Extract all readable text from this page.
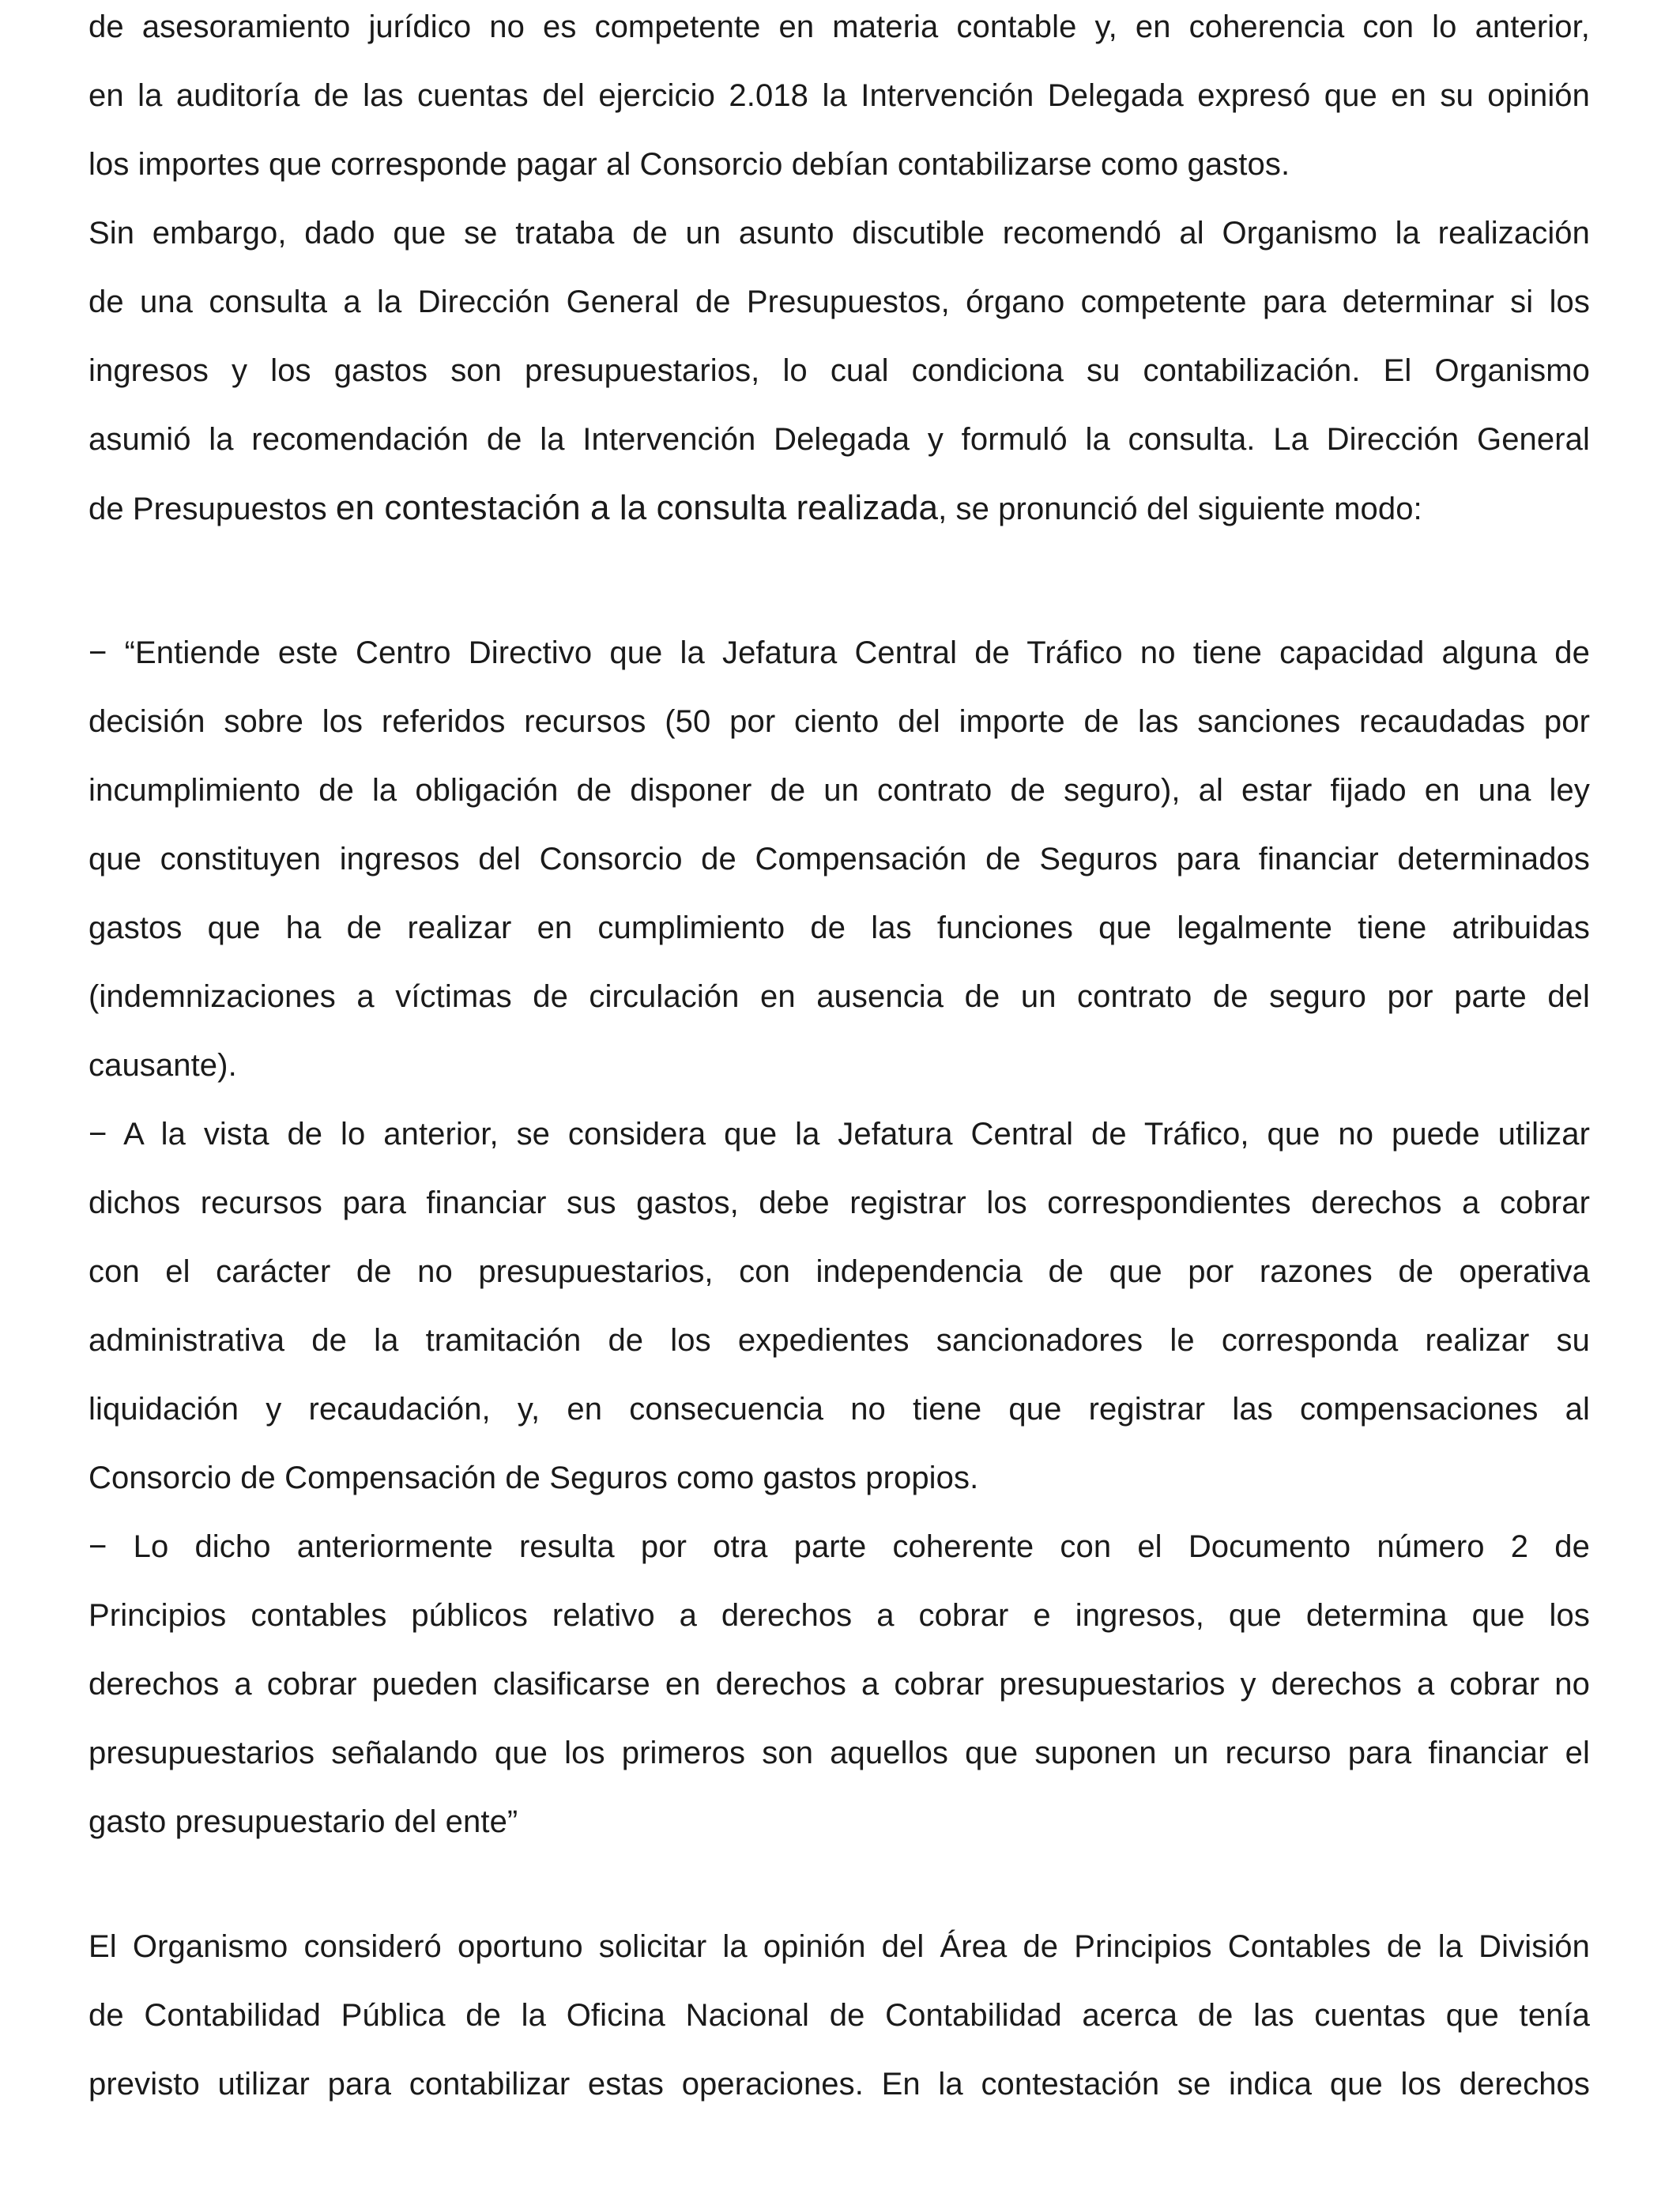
de asesoramiento jurídico no es competente en materia contable y, en coherencia con lo anterior,
en la auditoría de las cuentas del ejercicio 2.018 la Intervención Delegada expresó que en su opinión
los importes que corresponde pagar al Consorcio debían contabilizarse como gastos.
Sin embargo, dado que se trataba de un asunto discutible recomendó al Organismo la realización
de una consulta a la Dirección General de Presupuestos, órgano competente para determinar si los
ingresos y los gastos son presupuestarios, lo cual condiciona su contabilización. El Organismo
asumió la recomendación de la Intervención Delegada y formuló la consulta. La Dirección General
de Presupuestos en contestación a la consulta realizada, se pronunció del siguiente modo:
− “Entiende este Centro Directivo que la Jefatura Central de Tráfico no tiene capacidad alguna de
decisión sobre los referidos recursos (50 por ciento del importe de las sanciones recaudadas por
incumplimiento de la obligación de disponer de un contrato de seguro), al estar fijado en una ley
que constituyen ingresos del Consorcio de Compensación de Seguros para financiar determinados
gastos que ha de realizar en cumplimiento de las funciones que legalmente tiene atribuidas
(indemnizaciones a víctimas de circulación en ausencia de un contrato de seguro por parte del
causante).
− A la vista de lo anterior, se considera que la Jefatura Central de Tráfico, que no puede utilizar
dichos recursos para financiar sus gastos, debe registrar los correspondientes derechos a cobrar
con el carácter de no presupuestarios, con independencia de que por razones de operativa
administrativa de la tramitación de los expedientes sancionadores le corresponda realizar su
liquidación y recaudación, y, en consecuencia no tiene que registrar las compensaciones al
Consorcio de Compensación de Seguros como gastos propios.
− Lo dicho anteriormente resulta por otra parte coherente con el Documento número 2 de
Principios contables públicos relativo a derechos a cobrar e ingresos, que determina que los
derechos a cobrar pueden clasificarse en derechos a cobrar presupuestarios y derechos a cobrar no
presupuestarios señalando que los primeros son aquellos que suponen un recurso para financiar el
gasto presupuestario del ente”
El Organismo consideró oportuno solicitar la opinión del Área de Principios Contables de la División
de Contabilidad Pública de la Oficina Nacional de Contabilidad acerca de las cuentas que tenía
previsto utilizar para contabilizar estas operaciones. En la contestación se indica que los derechos
